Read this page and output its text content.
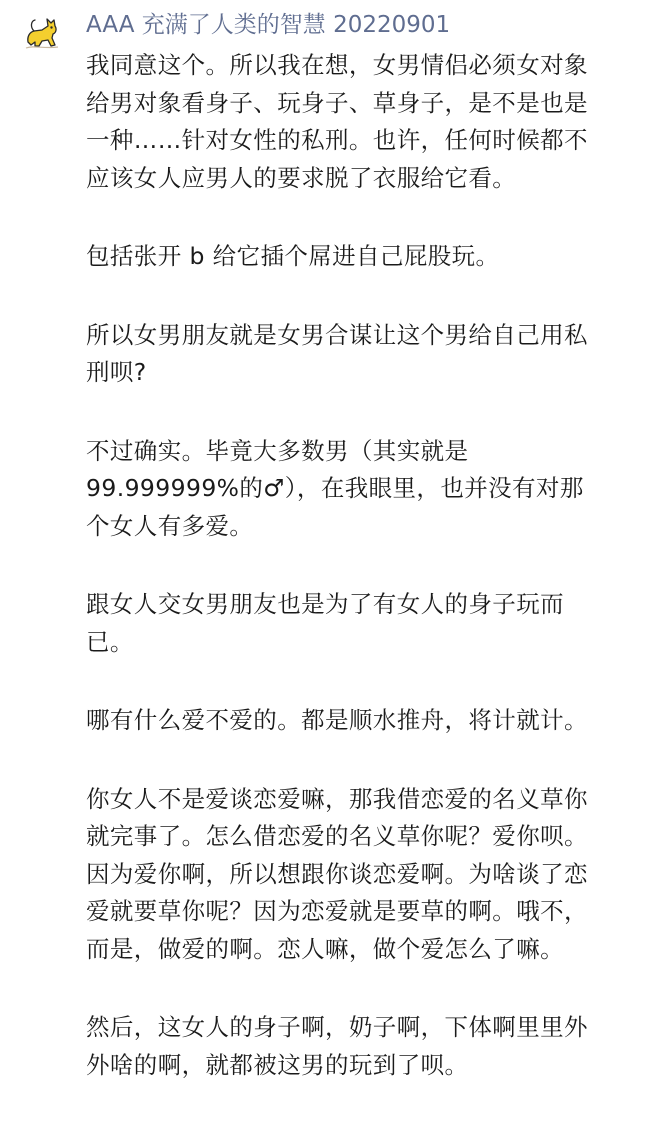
AAA 充满了人类的智慧 20220901

我同意这个。所以我在想，女男情侣必须女对象
给男对象看身子、玩身子、草身子，是不是也是
一种……针对女性的私刑。也许，任何时候都不
应该女人应男人的要求脱了衣服给它看。

包括张开 b 给它插个屌进自己屁股玩。

所以女男朋友就是女男合谋让这个男给自己用私
刑呗?

不过确实。毕竟大多数男（其实就是
99.999999%的♂），在我眼里，也并没有对那
个女人有多爱。

跟女人交女男朋友也是为了有女人的身子玩而
已。

哪有什么爱不爱的。都是顺水推舟，将计就计。

你女人不是爱谈恋爱嘛，那我借恋爱的名义草你
就完事了。怎么借恋爱的名义草你呢？爱你呗。
因为爱你啊，所以想跟你谈恋爱啊。为啥谈了恋
爱就要草你呢？因为恋爱就是要草的啊。哦不，
而是，做爱的啊。恋人嘛，做个爱怎么了嘛。

然后，这女人的身子啊，奶子啊，下体啊里里外
外啥的啊，就都被这男的玩到了呗。
